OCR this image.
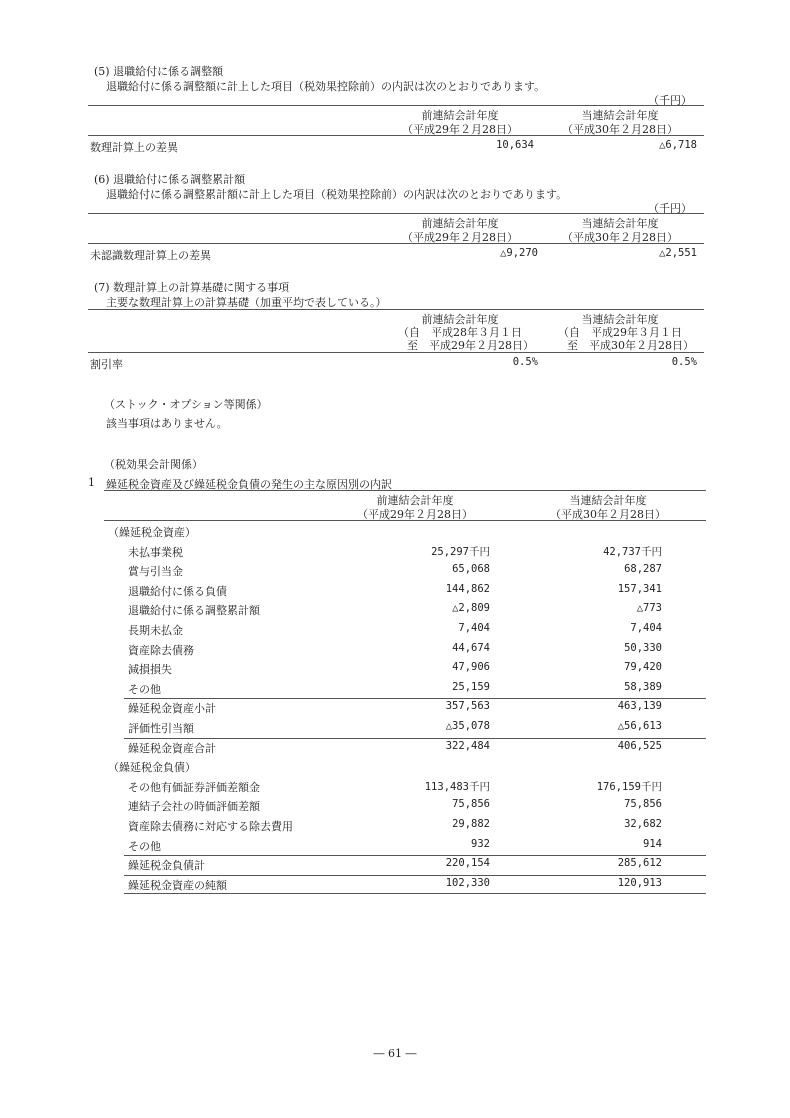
(5) 退職給付に係る調整額
退職給付に係る調整額に計上した項目（税効果控除前）の内訳は次のとおりであります。
（千円）
前連結会計年度
（平成29年２月28日）
当連結会計年度
（平成30年２月28日）
数理計算上の差異	10,634	△6,718
(6) 退職給付に係る調整累計額
退職給付に係る調整累計額に計上した項目（税効果控除前）の内訳は次のとおりであります。
（千円）
前連結会計年度
（平成29年２月28日）
当連結会計年度
（平成30年２月28日）
未認識数理計算上の差異	△9,270	△2,551
(7) 数理計算上の計算基礎に関する事項
主要な数理計算上の計算基礎（加重平均で表している。）
前連結会計年度
（自　平成28年３月１日
至　平成29年２月28日）
当連結会計年度
（自　平成29年３月１日
至　平成30年２月28日）
割引率	0.5%	0.5%
（ストック・オプション等関係）
該当事項はありません。
（税効果会計関係）
1 繰延税金資産及び繰延税金負債の発生の主な原因別の内訳
前連結会計年度
（平成29年２月28日）
当連結会計年度
（平成30年２月28日）
（繰延税金資産）
未払事業税	25,297千円	42,737千円
賞与引当金	65,068	68,287
退職給付に係る負債	144,862	157,341
退職給付に係る調整累計額	△2,809	△773
長期未払金	7,404	7,404
資産除去債務	44,674	50,330
減損損失	47,906	79,420
その他	25,159	58,389
繰延税金資産小計	357,563	463,139
評価性引当額	△35,078	△56,613
繰延税金資産合計	322,484	406,525
（繰延税金負債）
その他有価証券評価差額金	113,483千円	176,159千円
連結子会社の時価評価差額	75,856	75,856
資産除去債務に対応する除去費用	29,882	32,682
その他	932	914
繰延税金負債計	220,154	285,612
繰延税金資産の純額	102,330	120,913
― 61 ―
